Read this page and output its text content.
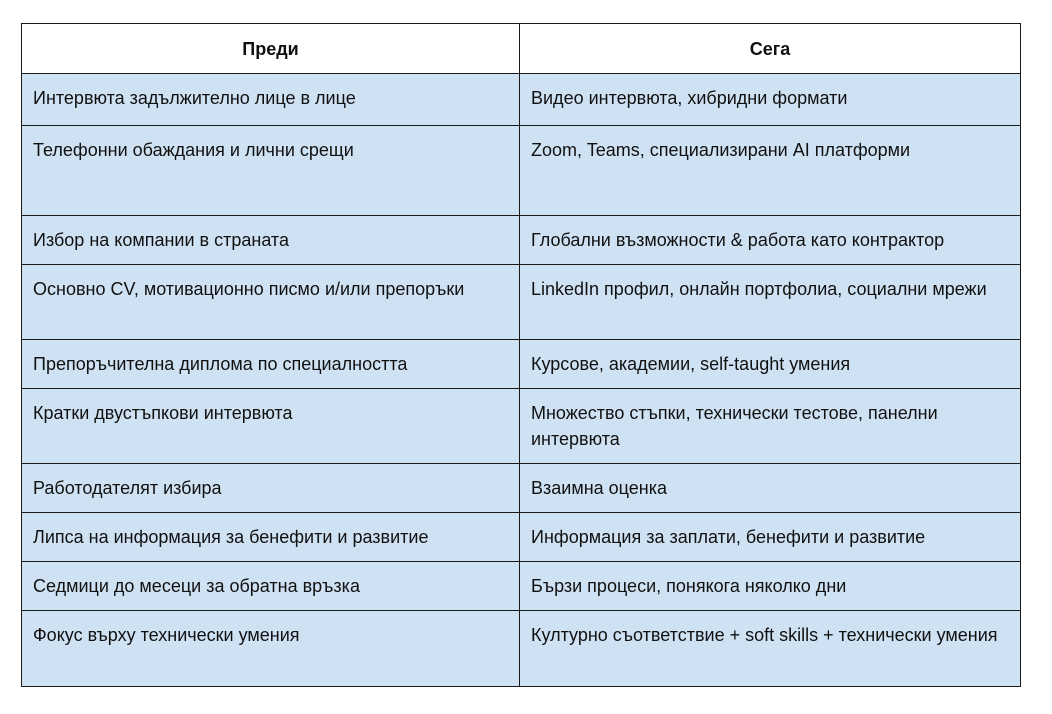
Преди	Сега
Интервюта задължително лице в лице	Видео интервюта, хибридни формати
Телефонни обаждания и лични срещи	Zoom, Teams, специализирани AI платформи
Избор на компании в страната	Глобални възможности & работа като контрактор
Основно CV, мотивационно писмо и/или препоръки	LinkedIn профил, онлайн портфолиа, социални мрежи
Препоръчителна диплома по специалността	Курсове, академии, self-taught умения
Кратки двустъпкови интервюта	Множество стъпки, технически тестове, панелни интервюта
Работодателят избира	Взаимна оценка
Липса на информация за бенефити и развитие	Информация за заплати, бенефити и развитие
Седмици до месеци за обратна връзка	Бързи процеси, понякога няколко дни
Фокус върху технически умения	Културно съответствие + soft skills + технически умения
